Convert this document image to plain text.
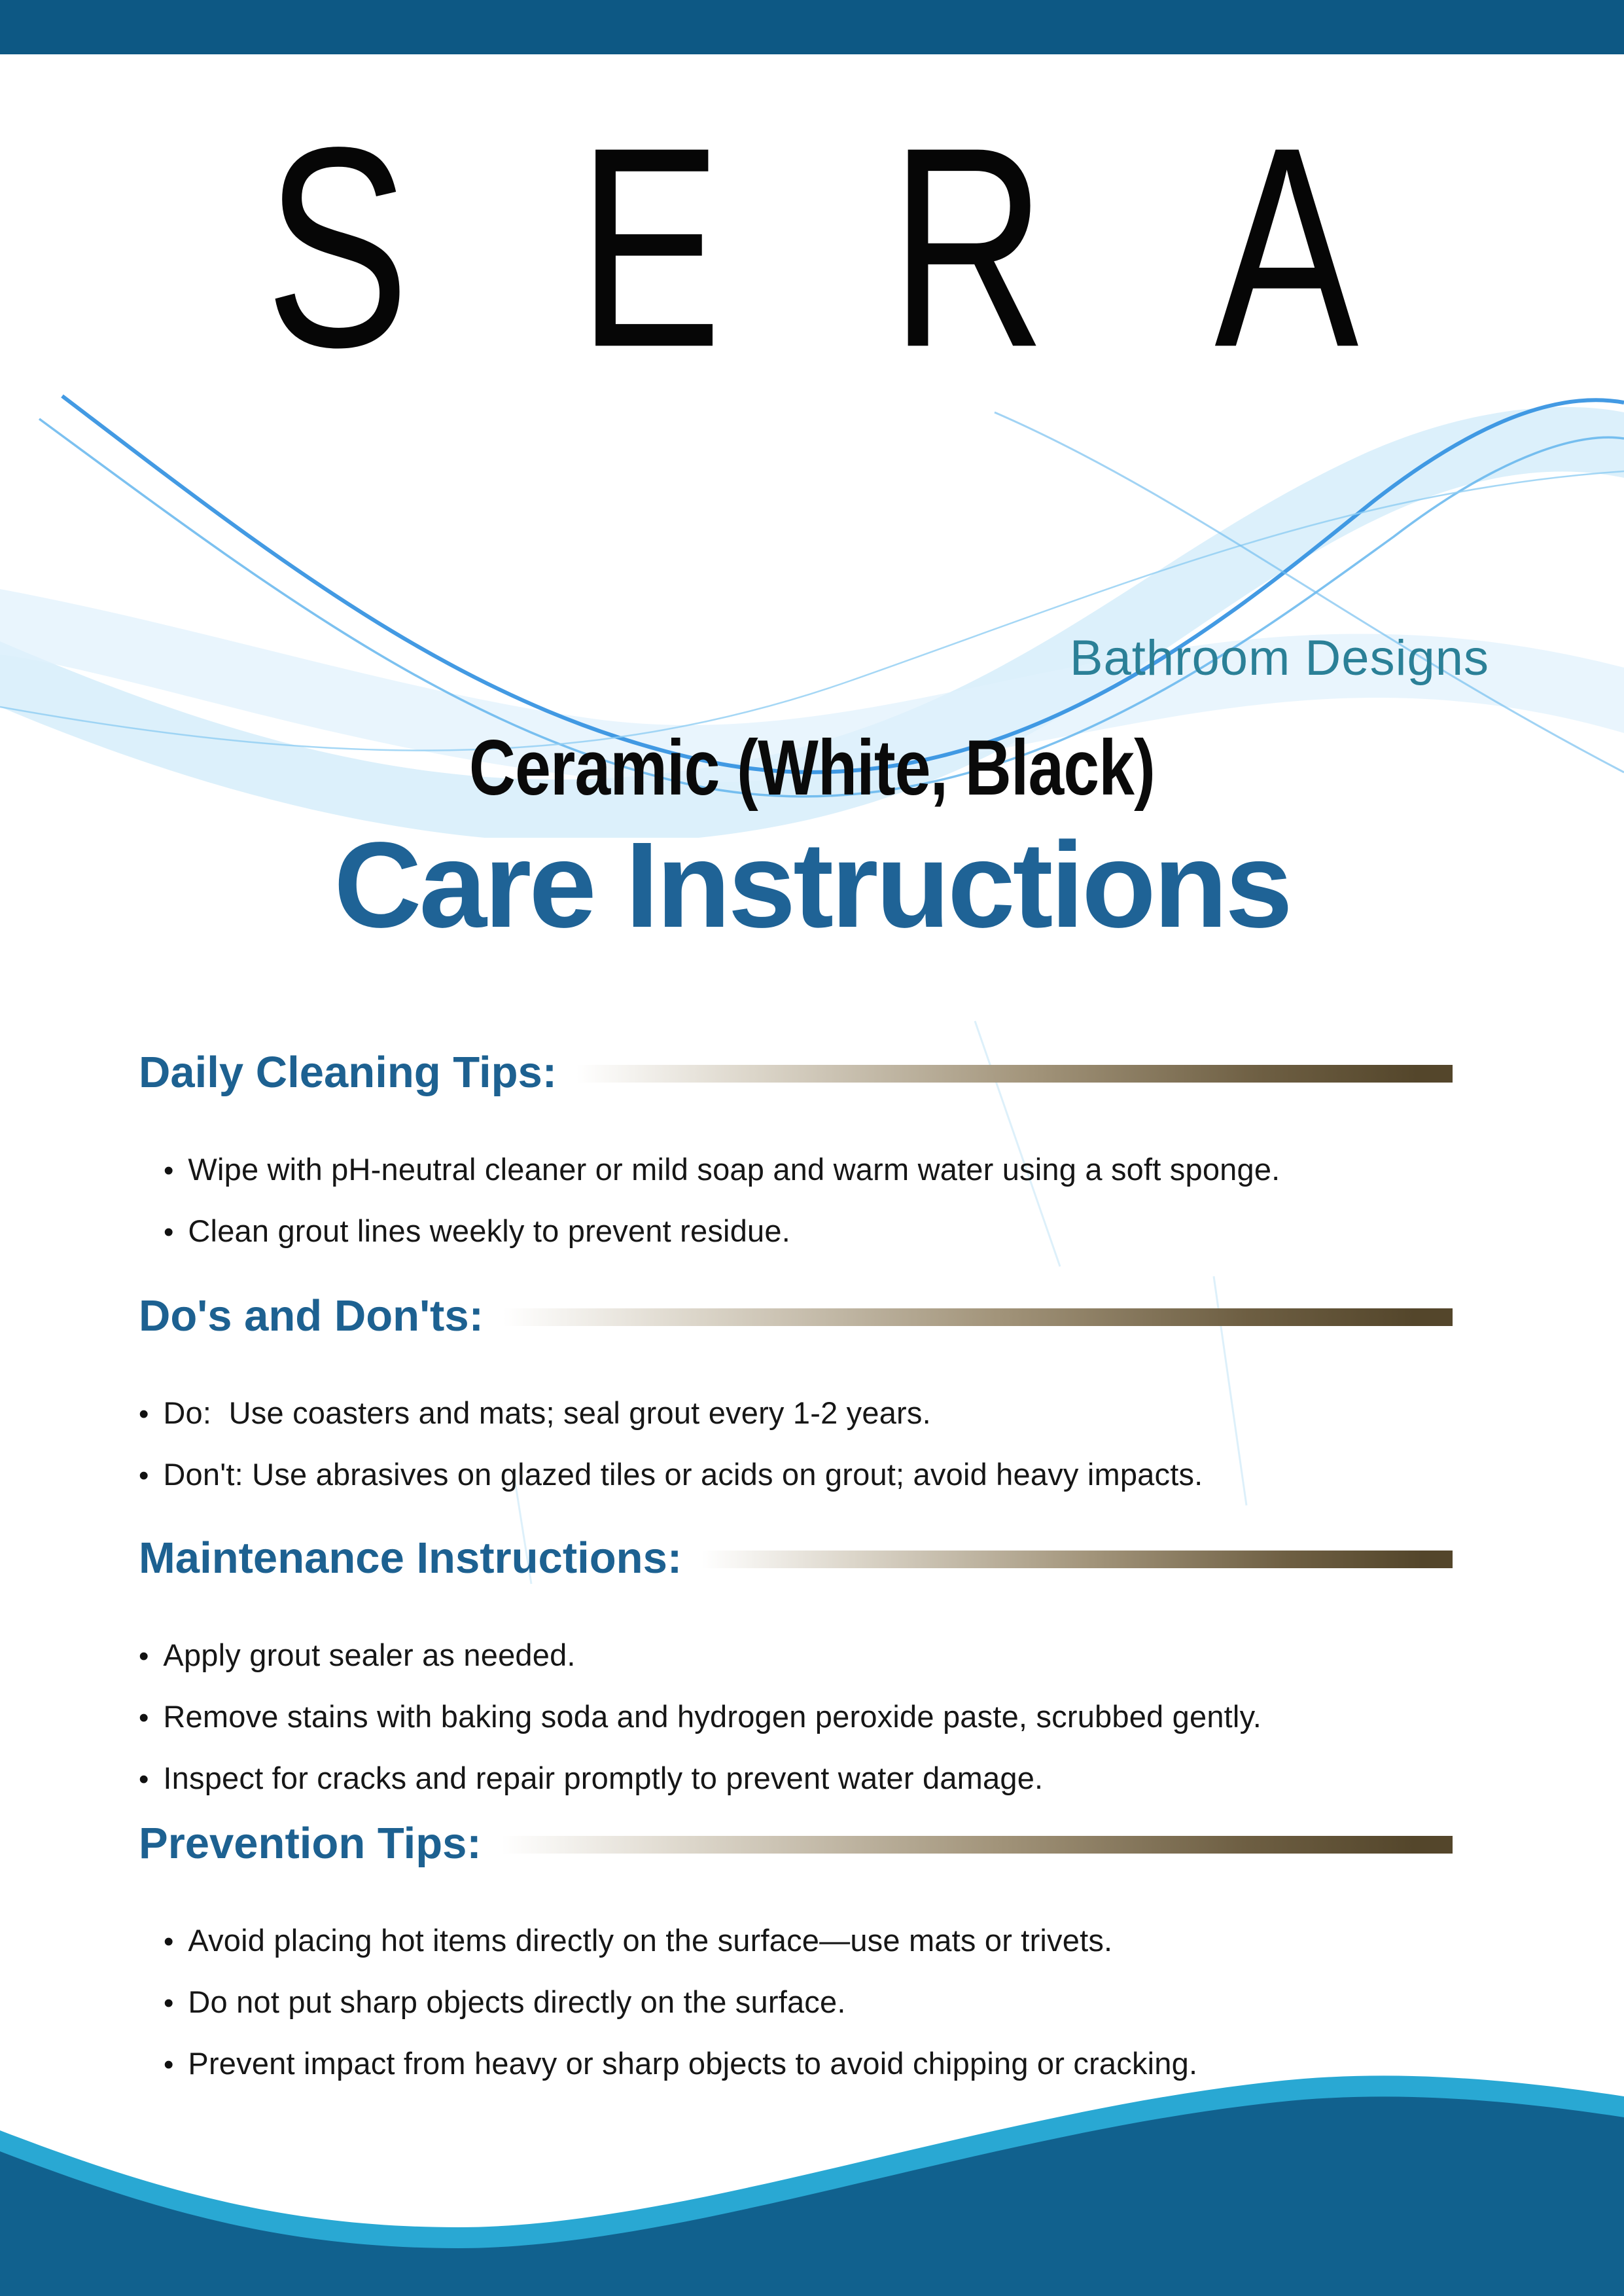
SERA
Bathroom Designs
Ceramic (White, Black)
Care Instructions
Daily Cleaning Tips:
• Wipe with pH-neutral cleaner or mild soap and warm water using a soft sponge.
• Clean grout lines weekly to prevent residue.
Do's and Don'ts:
• Do:  Use coasters and mats; seal grout every 1-2 years.
• Don't: Use abrasives on glazed tiles or acids on grout; avoid heavy impacts.
Maintenance Instructions:
• Apply grout sealer as needed.
• Remove stains with baking soda and hydrogen peroxide paste, scrubbed gently.
• Inspect for cracks and repair promptly to prevent water damage.
Prevention Tips:
• Avoid placing hot items directly on the surface—use mats or trivets.
• Do not put sharp objects directly on the surface.
• Prevent impact from heavy or sharp objects to avoid chipping or cracking.
